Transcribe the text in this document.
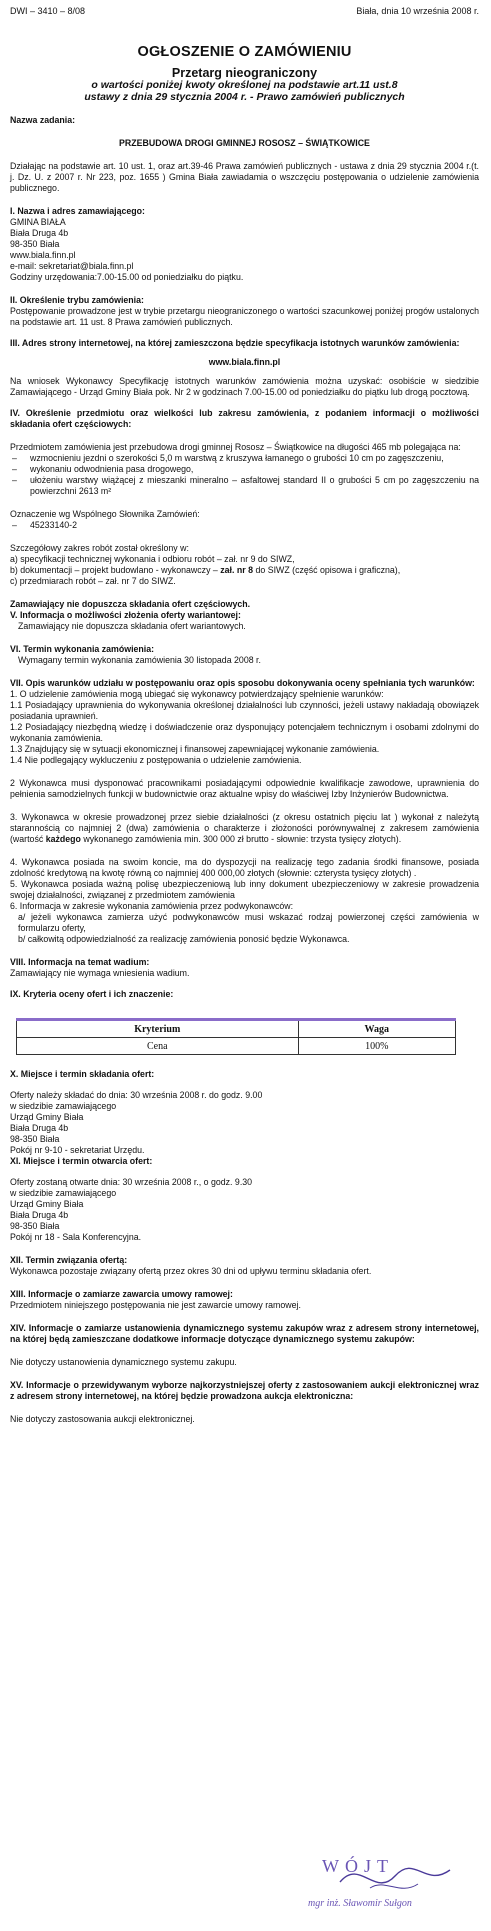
DWI – 3410 – 8/08	Biała, dnia 10 września 2008 r.
OGŁOSZENIE O ZAMÓWIENIU
Przetarg nieograniczony
o wartości poniżej kwoty określonej na podstawie art.11 ust.8
ustawy z dnia 29 stycznia 2004 r. - Prawo zamówień publicznych

Nazwa zadania:

PRZEBUDOWA DROGI GMINNEJ ROSOSZ – ŚWIĄTKOWICE

Działając na podstawie art. 10 ust. 1, oraz art.39-46 Prawa zamówień publicznych - ustawa z dnia 29 stycznia 2004 r.(t. j. Dz. U. z 2007 r. Nr 223, poz. 1655 ) Gmina Biała zawiadamia o wszczęciu postępowania o udzielenie zamówienia publicznego.

I. Nazwa i adres zamawiającego:

GMINA BIAŁA

Biała Druga 4b

98-350 Biała

www.biala.finn.pl

e-mail: sekretariat@biala.finn.pl

Godziny urzędowania:7.00-15.00 od poniedziałku do piątku.

II. Określenie trybu zamówienia:

Postępowanie prowadzone jest w trybie przetargu nieograniczonego o wartości szacunkowej poniżej progów ustalonych na podstawie art. 11 ust. 8 Prawa zamówień publicznych.

III. Adres strony internetowej, na której zamieszczona będzie specyfikacja istotnych warunków zamówienia:

www.biala.finn.pl

Na wniosek Wykonawcy Specyfikację istotnych warunków zamówienia można uzyskać: osobiście w siedzibie Zamawiającego - Urząd Gminy Biała pok. Nr 2 w godzinach 7.00-15.00 od poniedziałku do piątku lub drogą pocztową.

IV. Określenie przedmiotu oraz wielkości lub zakresu zamówienia, z podaniem informacji o możliwości składania ofert częściowych:

Przedmiotem zamówienia jest przebudowa drogi gminnej Rososz – Świątkowice na długości 465 mb polegająca na:

– wzmocnieniu jezdni o szerokości 5,0 m warstwą z kruszywa łamanego o grubości 10 cm po zagęszczeniu,
– wykonaniu odwodnienia pasa drogowego,
– ułożeniu warstwy wiążącej z mieszanki mineralno – asfaltowej standard II o grubości 5 cm po zagęszczeniu na powierzchni 2613 m²

Oznaczenie wg Wspólnego Słownika Zamówień:

– 45233140-2

Szczegółowy zakres robót został określony w:

a) specyfikacji technicznej wykonania i odbioru robót – zał. nr 9 do SIWZ,

b) dokumentacji – projekt budowlano - wykonawczy – zał. nr 8 do SIWZ (część opisowa i graficzna),

c) przedmiarach robót – zał. nr 7 do SIWZ.

Zamawiający nie dopuszcza składania ofert częściowych.

V. Informacja o możliwości złożenia oferty wariantowej:

Zamawiający nie dopuszcza składania ofert wariantowych.

VI. Termin wykonania zamówienia:

Wymagany termin wykonania zamówienia 30 listopada 2008 r.

VII. Opis warunków udziału w postępowaniu oraz opis sposobu dokonywania oceny spełniania tych warunków:

1. O udzielenie zamówienia mogą ubiegać się wykonawcy potwierdzający spełnienie warunków:

1.1 Posiadający uprawnienia do wykonywania określonej działalności lub czynności, jeżeli ustawy nakładają obowiązek posiadania uprawnień.

1.2 Posiadający niezbędną wiedzę i doświadczenie oraz dysponujący potencjałem technicznym i osobami zdolnymi do wykonania zamówienia.

1.3 Znajdujący się w sytuacji ekonomicznej i finansowej zapewniającej wykonanie zamówienia.

1.4 Nie podlegający wykluczeniu z postępowania o udzielenie zamówienia.

2 Wykonawca musi dysponować pracownikami posiadającymi odpowiednie kwalifikacje zawodowe, uprawnienia do pełnienia samodzielnych funkcji w budownictwie oraz aktualne wpisy do właściwej Izby Inżynierów Budownictwa.

3. Wykonawca w okresie prowadzonej przez siebie działalności (z okresu ostatnich pięciu lat ) wykonał z należytą starannością co najmniej 2 (dwa) zamówienia o charakterze i złożoności porównywalnej z zakresem zamówienia (wartość każdego wykonanego zamówienia min. 300 000 zł brutto - słownie: trzysta tysięcy złotych).

4. Wykonawca posiada na swoim koncie, ma do dyspozycji na realizację tego zadania środki finansowe, posiada zdolność kredytową na kwotę równą co najmniej 400 000,00 złotych (słownie: czterysta tysięcy złotych) .

5. Wykonawca posiada ważną polisę ubezpieczeniową lub inny dokument ubezpieczeniowy w zakresie prowadzenia swojej działalności, związanej z przedmiotem zamówienia

6. Informacja w zakresie wykonania zamówienia przez podwykonawców:

a/ jeżeli wykonawca zamierza użyć podwykonawców musi wskazać rodzaj powierzonej części zamówienia w formularzu oferty,

b/ całkowitą odpowiedzialność za realizację zamówienia ponosić będzie Wykonawca.

VIII. Informacja na temat wadium:

Zamawiający nie wymaga wniesienia wadium.

IX. Kryteria oceny ofert i ich znaczenie:

Kryterium	Waga
Cena	100%

X. Miejsce i termin składania ofert:

Oferty należy składać do dnia: 30 września 2008 r. do godz. 9.00

w siedzibie zamawiającego

Urząd Gminy Biała

Biała Druga 4b

98-350 Biała

Pokój nr 9-10 - sekretariat Urzędu.

XI. Miejsce i termin otwarcia ofert:

Oferty zostaną otwarte dnia: 30 września 2008 r., o godz. 9.30

w siedzibie zamawiającego

Urząd Gminy Biała

Biała Druga 4b

98-350 Biała

Pokój nr 18 - Sala Konferencyjna.

XII. Termin związania ofertą:

Wykonawca pozostaje związany ofertą przez okres 30 dni od upływu terminu składania ofert.

XIII. Informacje o zamiarze zawarcia umowy ramowej:

Przedmiotem niniejszego postępowania nie jest zawarcie umowy ramowej.

XIV. Informacje o zamiarze ustanowienia dynamicznego systemu zakupów wraz z adresem strony internetowej, na której będą zamieszczane dodatkowe informacje dotyczące dynamicznego systemu zakupów:

Nie dotyczy ustanowienia dynamicznego systemu zakupu.

XV. Informacje o przewidywanym wyborze najkorzystniejszej oferty z zastosowaniem aukcji elektronicznej wraz z adresem strony internetowej, na której będzie prowadzona aukcja elektroniczna:

Nie dotyczy zastosowania aukcji elektronicznej.

WÓJT
mgr inż. Sławomir Sułgon
